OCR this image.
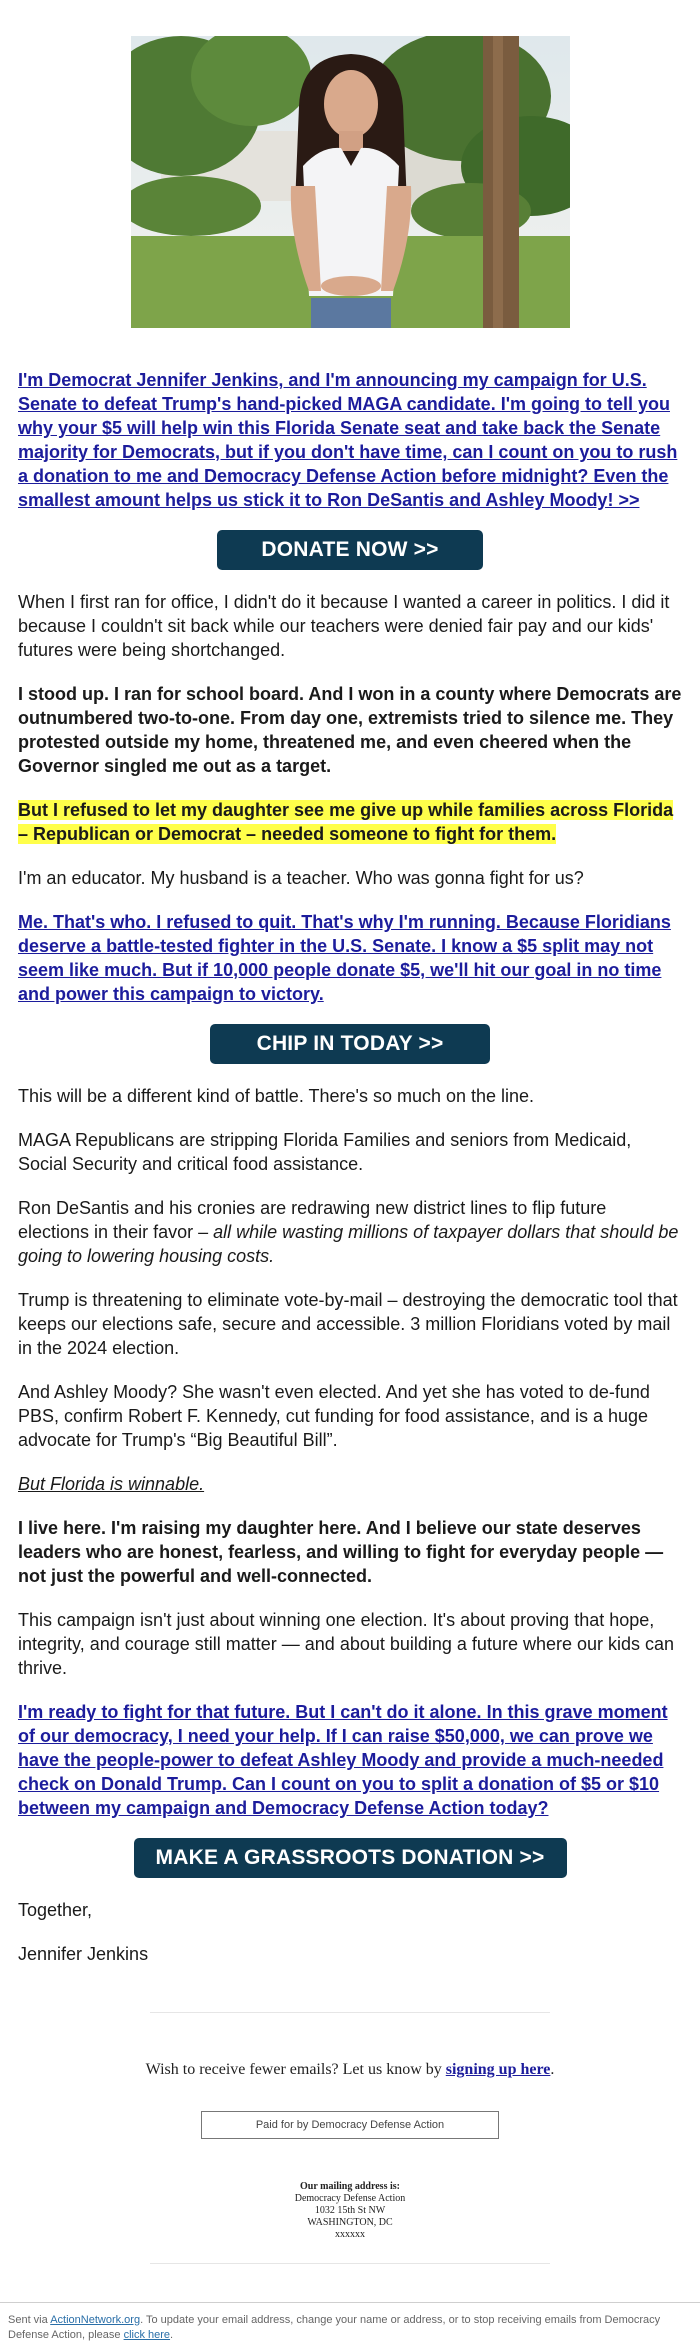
I'm Democrat Jennifer Jenkins, and I'm announcing my campaign for U.S. Senate to defeat Trump's hand-picked MAGA candidate. I'm going to tell you why your $5 will help win this Florida Senate seat and take back the Senate majority for Democrats, but if you don't have time, can I count on you to rush a donation to me and Democracy Defense Action before midnight? Even the smallest amount helps us stick it to Ron DeSantis and Ashley Moody! >>

DONATE NOW >>

When I first ran for office, I didn't do it because I wanted a career in politics. I did it because I couldn't sit back while our teachers were denied fair pay and our kids' futures were being shortchanged.

I stood up. I ran for school board. And I won in a county where Democrats are outnumbered two-to-one. From day one, extremists tried to silence me. They protested outside my home, threatened me, and even cheered when the Governor singled me out as a target.

But I refused to let my daughter see me give up while families across Florida – Republican or Democrat – needed someone to fight for them.

I'm an educator. My husband is a teacher. Who was gonna fight for us?

Me. That's who. I refused to quit. That's why I'm running. Because Floridians deserve a battle-tested fighter in the U.S. Senate. I know a $5 split may not seem like much. But if 10,000 people donate $5, we'll hit our goal in no time and power this campaign to victory.

CHIP IN TODAY >>

This will be a different kind of battle. There's so much on the line.

MAGA Republicans are stripping Florida Families and seniors from Medicaid, Social Security and critical food assistance.

Ron DeSantis and his cronies are redrawing new district lines to flip future elections in their favor – all while wasting millions of taxpayer dollars that should be going to lowering housing costs.

Trump is threatening to eliminate vote-by-mail – destroying the democratic tool that keeps our elections safe, secure and accessible. 3 million Floridians voted by mail in the 2024 election.

And Ashley Moody? She wasn't even elected. And yet she has voted to de-fund PBS, confirm Robert F. Kennedy, cut funding for food assistance, and is a huge advocate for Trump's “Big Beautiful Bill”.

But Florida is winnable.

I live here. I'm raising my daughter here. And I believe our state deserves leaders who are honest, fearless, and willing to fight for everyday people — not just the powerful and well-connected.

This campaign isn't just about winning one election. It's about proving that hope, integrity, and courage still matter — and about building a future where our kids can thrive.

I'm ready to fight for that future. But I can't do it alone. In this grave moment of our democracy, I need your help. If I can raise $50,000, we can prove we have the people-power to defeat Ashley Moody and provide a much-needed check on Donald Trump. Can I count on you to split a donation of $5 or $10 between my campaign and Democracy Defense Action today?

MAKE A GRASSROOTS DONATION >>

Together,

Jennifer Jenkins

Wish to receive fewer emails? Let us know by signing up here.
Paid for by Democracy Defense Action
Our mailing address is:
Democracy Defense Action
1032 15th St NW
WASHINGTON, DC
xxxxxx
Sent via ActionNetwork.org. To update your email address, change your name or address, or to stop receiving emails from Democracy Defense Action, please click here.
